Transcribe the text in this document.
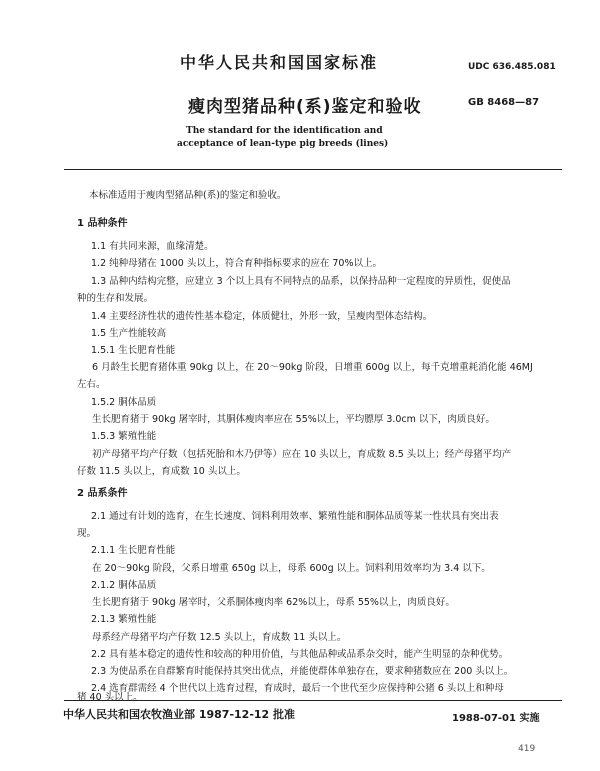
中华人民共和国国家标准	UDC 636.485.081
瘦肉型猪品种(系)鉴定和验收	GB 8468—87
The standard for the identification and
acceptance of lean-type pig breeds (lines)
本标准适用于瘦肉型猪品种(系)的鉴定和验收。
1 品种条件
1.1 有共同来源，血缘清楚。
1.2 纯种母猪在 1000 头以上，符合育种指标要求的应在 70%以上。
1.3 品种内结构完整，应建立 3 个以上具有不同特点的品系，以保持品种一定程度的异质性，促使品
种的生存和发展。
1.4 主要经济性状的遗传性基本稳定，体质健壮，外形一致，呈瘦肉型体态结构。
1.5 生产性能较高
1.5.1 生长肥育性能
6 月龄生长肥育猪体重 90kg 以上，在 20～90kg 阶段，日增重 600g 以上，每千克增重耗消化能 46MJ
左右。
1.5.2 胴体品质
生长肥育猪于 90kg 屠宰时，其胴体瘦肉率应在 55%以上，平均膘厚 3.0cm 以下，肉质良好。
1.5.3 繁殖性能
初产母猪平均产仔数（包括死胎和木乃伊等）应在 10 头以上，育成数 8.5 头以上；经产母猪平均产
仔数 11.5 头以上，育成数 10 头以上。
2 品系条件
2.1 通过有计划的选育，在生长速度、饲料利用效率、繁殖性能和胴体品质等某一性状具有突出表
现。
2.1.1 生长肥育性能
在 20～90kg 阶段，父系日增重 650g 以上，母系 600g 以上。饲料利用效率均为 3.4 以下。
2.1.2 胴体品质
生长肥育猪于 90kg 屠宰时，父系胴体瘦肉率 62%以上，母系 55%以上，肉质良好。
2.1.3 繁殖性能
母系经产母猪平均产仔数 12.5 头以上，育成数 11 头以上。
2.2 具有基本稳定的遗传性和较高的种用价值，与其他品种或品系杂交时，能产生明显的杂种优势。
2.3 为使品系在自群繁育时能保持其突出优点，并能使群体单独存在，要求种猪数应在 200 头以上。
2.4 选育群需经 4 个世代以上选育过程，育成时，最后一个世代至少应保持种公猪 6 头以上和种母
猪 40 头以上。
中华人民共和国农牧渔业部 1987-12-12 批准	1988-07-01 实施
419
